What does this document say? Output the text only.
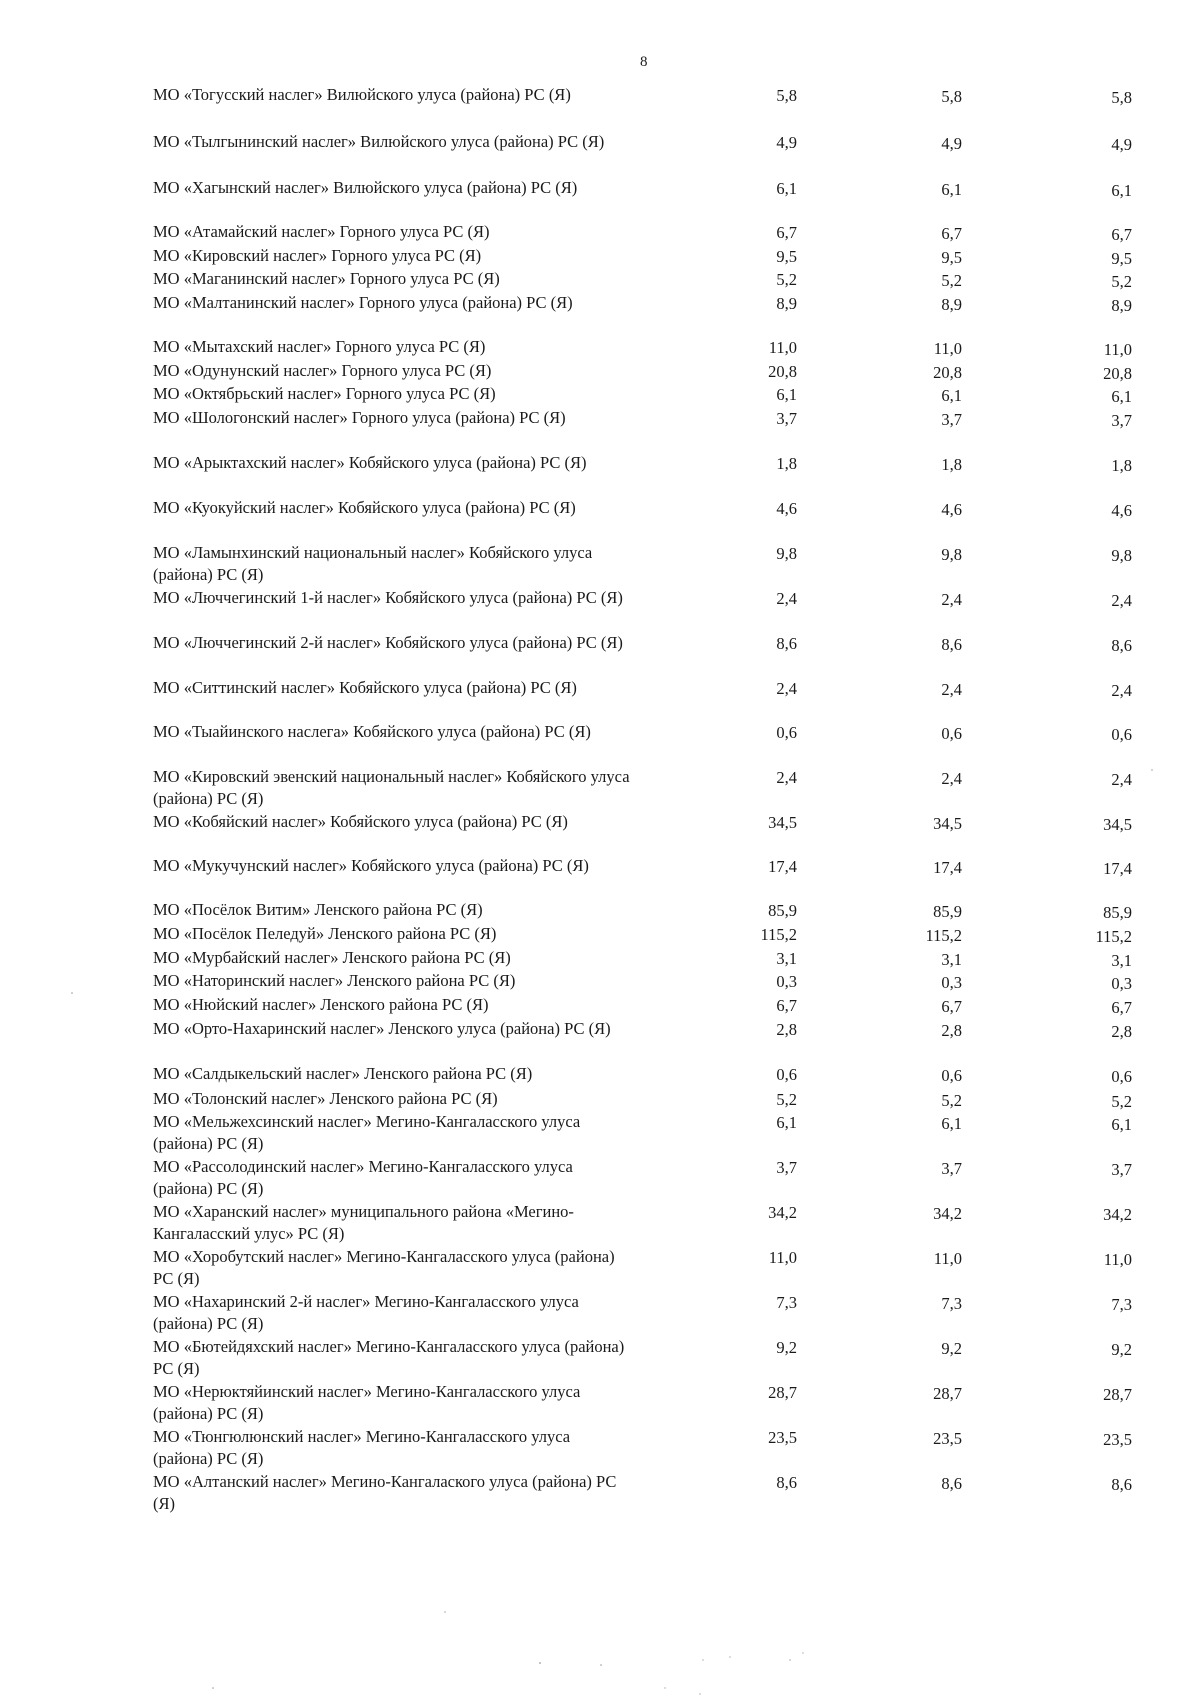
8
МО «Тогусский наслег» Вилюйского улуса (района) РС (Я)	5,8	5,8	5,8
МО «Тылгынинский наслег» Вилюйского улуса (района) РС (Я)	4,9	4,9	4,9
МО «Хагынский наслег» Вилюйского улуса (района) РС (Я)	6,1	6,1	6,1
МО «Атамайский наслег» Горного улуса РС (Я)	6,7	6,7	6,7
МО «Кировский наслег» Горного улуса РС (Я)	9,5	9,5	9,5
МО «Маганинский наслег» Горного улуса РС (Я)	5,2	5,2	5,2
МО «Малтанинский наслег» Горного улуса (района) РС (Я)	8,9	8,9	8,9
МО «Мытахский наслег» Горного улуса РС (Я)	11,0	11,0	11,0
МО «Одунунский наслег» Горного улуса РС (Я)	20,8	20,8	20,8
МО «Октябрьский наслег» Горного улуса РС (Я)	6,1	6,1	6,1
МО «Шологонский наслег» Горного улуса (района) РС (Я)	3,7	3,7	3,7
МО «Арыктахский наслег» Кобяйского улуса (района) РС (Я)	1,8	1,8	1,8
МО «Куокуйский наслег» Кобяйского улуса (района) РС (Я)	4,6	4,6	4,6
МО «Ламынхинский национальный наслег» Кобяйского улуса (района) РС (Я)
9,8	9,8	9,8
МО «Люччегинский 1-й наслег» Кобяйского улуса (района) РС (Я)	2,4	2,4	2,4
МО «Люччегинский 2-й наслег» Кобяйского улуса (района) РС (Я)	8,6	8,6	8,6
МО «Ситтинский наслег» Кобяйского улуса (района) РС (Я)	2,4	2,4	2,4
МО «Тыайинского наслега» Кобяйского улуса (района) РС (Я)	0,6	0,6	0,6
МО «Кировский эвенский национальный наслег» Кобяйского улуса (района) РС (Я)
2,4	2,4	2,4
МО «Кобяйский наслег» Кобяйского улуса (района) РС (Я)	34,5	34,5	34,5
МО «Мукучунский наслег» Кобяйского улуса (района) РС (Я)	17,4	17,4	17,4
МО «Посёлок Витим» Ленского района РС (Я)	85,9	85,9	85,9
МО «Посёлок Пеледуй» Ленского района РС (Я)	115,2	115,2	115,2
МО «Мурбайский наслег» Ленского района РС (Я)	3,1	3,1	3,1
МО «Наторинский наслег» Ленского района РС (Я)	0,3	0,3	0,3
МО «Нюйский наслег» Ленского района РС (Я)	6,7	6,7	6,7
МО «Орто-Нахаринский наслег» Ленского улуса (района) РС (Я)	2,8	2,8	2,8
МО «Салдыкельский наслег» Ленского района РС (Я)	0,6	0,6	0,6
МО «Толонский наслег» Ленского района РС (Я)	5,2	5,2	5,2
МО «Мельжехсинский наслег» Мегино-Кангаласского улуса (района) РС (Я)
6,1	6,1	6,1
МО «Рассолодинский наслег» Мегино-Кангаласского улуса (района) РС (Я)
3,7	3,7	3,7
МО «Харанский наслег» муниципального района «Мегино-Кангаласский улус» РС (Я)
34,2	34,2	34,2
МО «Хоробутский наслег» Мегино-Кангаласского улуса (района) РС (Я)
11,0	11,0	11,0
МО «Нахаринский 2-й наслег» Мегино-Кангаласского улуса (района) РС (Я)
7,3	7,3	7,3
МО «Бютейдяхский наслег» Мегино-Кангаласского улуса (района) РС (Я)
9,2	9,2	9,2
МО «Нерюктяйинский наслег» Мегино-Кангаласского улуса (района) РС (Я)
28,7	28,7	28,7
МО «Тюнгюлюнский наслег» Мегино-Кангаласского улуса (района) РС (Я)
23,5	23,5	23,5
МО «Алтанский наслег» Мегино-Кангалаского улуса (района) РС (Я)
8,6	8,6	8,6
